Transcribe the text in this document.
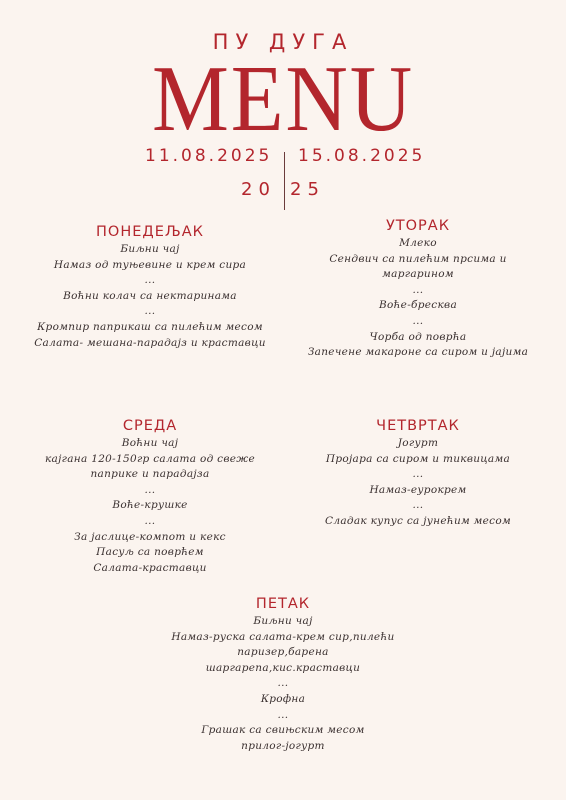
ПУ ДУГА
MENU
11.08.2025 15.08.2025
20 25
ПОНЕДЕЉАК
Биљни чај
Намаз од туњевине и крем сира
...
Воћни колач са нектаринама
...
Кромпир паприкаш са пилећим месом
Салата- мешана-парадајз и краставци
УТОРАК
Млеко
Сендвич са пилећим прсима и
маргарином
...
Воће-бресква
...
Чорба од поврћа
Запечене макароне са сиром и јајима
СРЕДА
Воћни чај
кајгана 120-150гр салата од свеже
паприке и парадајза
...
Воће-крушке
...
За јаслице-компот и кекс
Пасуљ са поврћем
Салата-краставци
ЧЕТВРТАК
Јогурт
Пројара са сиром и тиквицама
...
Намаз-еурокрем
...
Сладак купус са јунећим месом
ПЕТАК
Биљни чај
Намаз-руска салата-крем сир,пилећи
паризер,барена
шаргарепа,кис.краставци
...
Крофна
...
Грашак са свињским месом
прилог-јогурт
